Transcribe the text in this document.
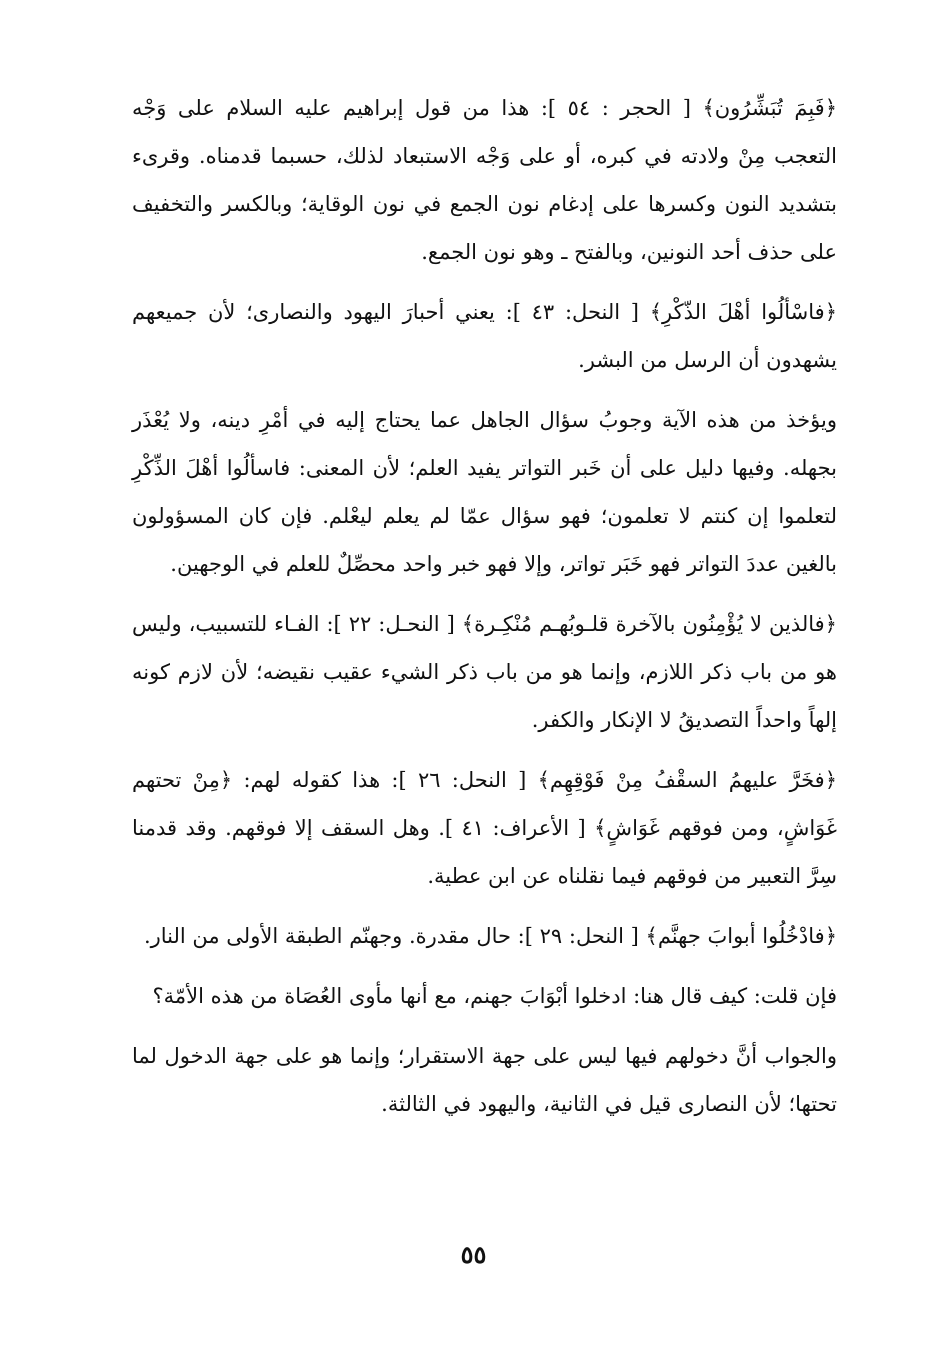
﴿فَبِمَ تُبَشِّرُون﴾ [ الحجر : ٥٤ ]: هذا من قول إبراهيم عليه السلام على وَجْه التعجب مِنْ ولادته في كبره، أو على وَجْه الاستبعاد لذلك، حسبما قدمناه. وقرىء بتشديد النون وكسرها على إدغام نون الجمع في نون الوقاية؛ وبالكسر والتخفيف على حذف أحد النونين، وبالفتح ـ وهو نون الجمع.

﴿فاسْألُوا أهْلَ الذّكْرِ﴾ [ النحل: ٤٣ ]: يعني أحبارَ اليهود والنصارى؛ لأن جميعهم يشهدون أن الرسل من البشر.

ويؤخذ من هذه الآية وجوبُ سؤال الجاهل عما يحتاج إليه في أمْرِ دينه، ولا يُعْذَر بجهله. وفيها دليل على أن خَبر التواتر يفيد العلم؛ لأن المعنى: فاسألُوا أهْلَ الذِّكْرِ لتعلموا إن كنتم لا تعلمون؛ فهو سؤال عمّا لم يعلم ليعْلم. فإن كان المسؤولون بالغين عددَ التواتر فهو خَبَر تواتر، وإلا فهو خبر واحد محصِّلٌ للعلم في الوجهين.

﴿فالذين لا يُؤْمِنُون بالآخرة قلـوبُهـم مُنْكِـرة﴾ [ النحـل: ٢٢ ]: الفـاء للتسبيب، وليس هو من باب ذكر اللازم، وإنما هو من باب ذكر الشيء عقيب نقيضه؛ لأن لازم كونه إلهاً واحداً التصديقُ لا الإنكار والكفر.

﴿فخَرَّ عليهمُ السقْفُ مِنْ فَوْقِهِم﴾ [ النحل: ٢٦ ]: هذا كقوله لهم: ﴿مِنْ تحتهم غَوَاشٍ، ومن فوقهم غَوَاشٍ﴾ [ الأعراف: ٤١ ]. وهل السقف إلا فوقهم. وقد قدمنا سِرَّ التعبير من فوقهم فيما نقلناه عن ابن عطية.

﴿فادْخُلُوا أبوابَ جهنَّم﴾ [ النحل: ٢٩ ]: حال مقدرة. وجهنّم الطبقة الأولى من النار.

فإن قلت: كيف قال هنا: ادخلوا أبْوَابَ جهنم، مع أنها مأوى العُصَاة من هذه الأمّة؟

والجواب أنَّ دخولهم فيها ليس على جهة الاستقرار؛ وإنما هو على جهة الدخول لما تحتها؛ لأن النصارى قيل في الثانية، واليهود في الثالثة.

٥٥
